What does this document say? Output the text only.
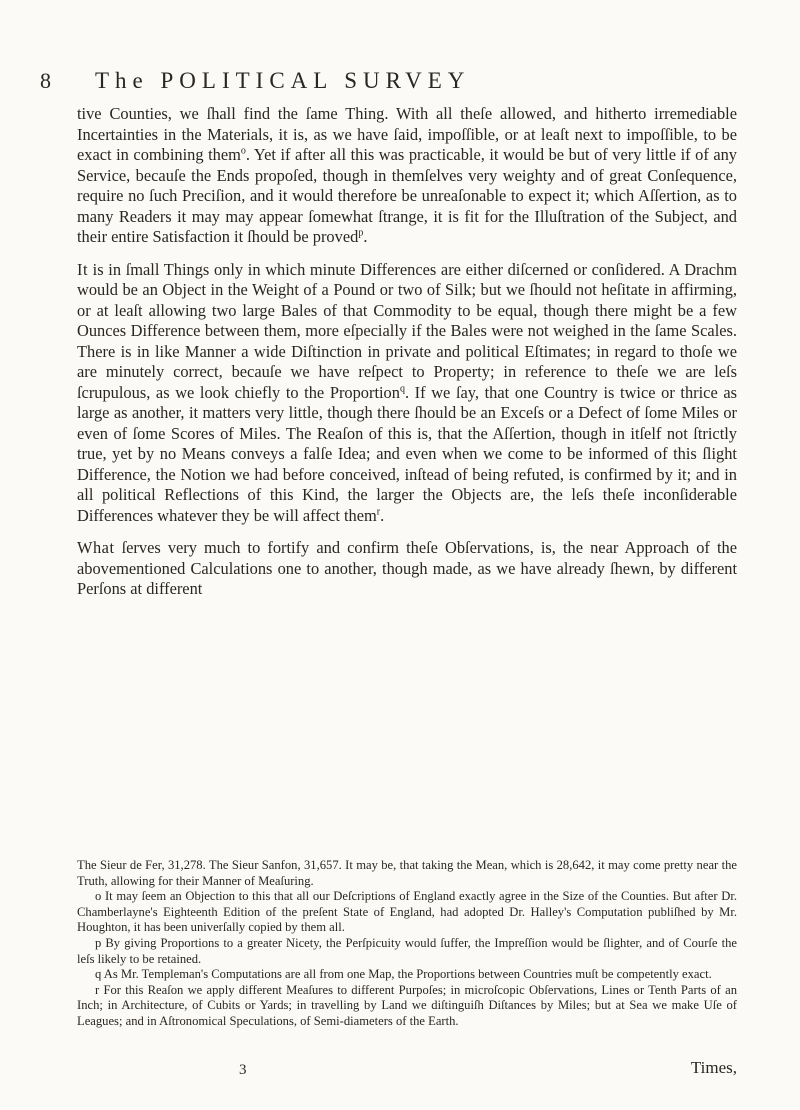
8 The POLITICAL SURVEY

tive Counties, we ſhall find the ſame Thing. With all theſe allowed, and hitherto irremediable Incertainties in the Materials, it is, as we have ſaid, impoſſible, or at leaſt next to impoſſible, to be exact in combining them$^o$. Yet if after all this was practicable, it would be but of very little if of any Service, becauſe the Ends propoſed, though in themſelves very weighty and of great Conſequence, require no ſuch Preciſion, and it would therefore be unreaſonable to expect it; which Aſſertion, as to many Readers it may may appear ſomewhat ſtrange, it is fit for the Illuſtration of the Subject, and their entire Satisfaction it ſhould be proved$^p$.

It is in ſmall Things only in which minute Differences are either diſcerned or conſidered. A Drachm would be an Object in the Weight of a Pound or two of Silk; but we ſhould not heſitate in affirming, or at leaſt allowing two large Bales of that Commodity to be equal, though there might be a few Ounces Difference between them, more eſpecially if the Bales were not weighed in the ſame Scales. There is in like Manner a wide Diſtinction in private and political Eſtimates; in regard to thoſe we are minutely correct, becauſe we have reſpect to Property; in reference to theſe we are leſs ſcrupulous, as we look chiefly to the Proportion$^q$. If we ſay, that one Country is twice or thrice as large as another, it matters very little, though there ſhould be an Exceſs or a Defect of ſome Miles or even of ſome Scores of Miles. The Reaſon of this is, that the Aſſertion, though in itſelf not ſtrictly true, yet by no Means conveys a falſe Idea; and even when we come to be informed of this ſlight Difference, the Notion we had before conceived, inſtead of being refuted, is confirmed by it; and in all political Reflections of this Kind, the larger the Objects are, the leſs theſe inconſiderable Differences whatever they be will affect them$^r$.

What ſerves very much to fortify and confirm theſe Obſervations, is, the near Approach of the abovementioned Calculations one to another, though made, as we have already ſhewn, by different Perſons at different

The Sieur de Fer, 31,278. The Sieur Sanfon, 31,657. It may be, that taking the Mean, which is 28,642, it may come pretty near the Truth, allowing for their Manner of Meaſuring.

o It may ſeem an Objection to this that all our Deſcriptions of England exactly agree in the Size of the Counties. But after Dr. Chamberlayne's Eighteenth Edition of the preſent State of England, had adopted Dr. Halley's Computation publiſhed by Mr. Houghton, it has been univerſally copied by them all.

p By giving Proportions to a greater Nicety, the Perſpicuity would ſuffer, the Impreſſion would be ſlighter, and of Courſe the leſs likely to be retained.

q As Mr. Templeman's Computations are all from one Map, the Proportions between Countries muſt be competently exact.

r For this Reaſon we apply different Meaſures to different Purpoſes; in microſcopic Obſervations, Lines or Tenth Parts of an Inch; in Architecture, of Cubits or Yards; in travelling by Land we diſtinguiſh Diſtances by Miles; but at Sea we make Uſe of Leagues; and in Aſtronomical Speculations, of Semi-diameters of the Earth.

3	Times,
